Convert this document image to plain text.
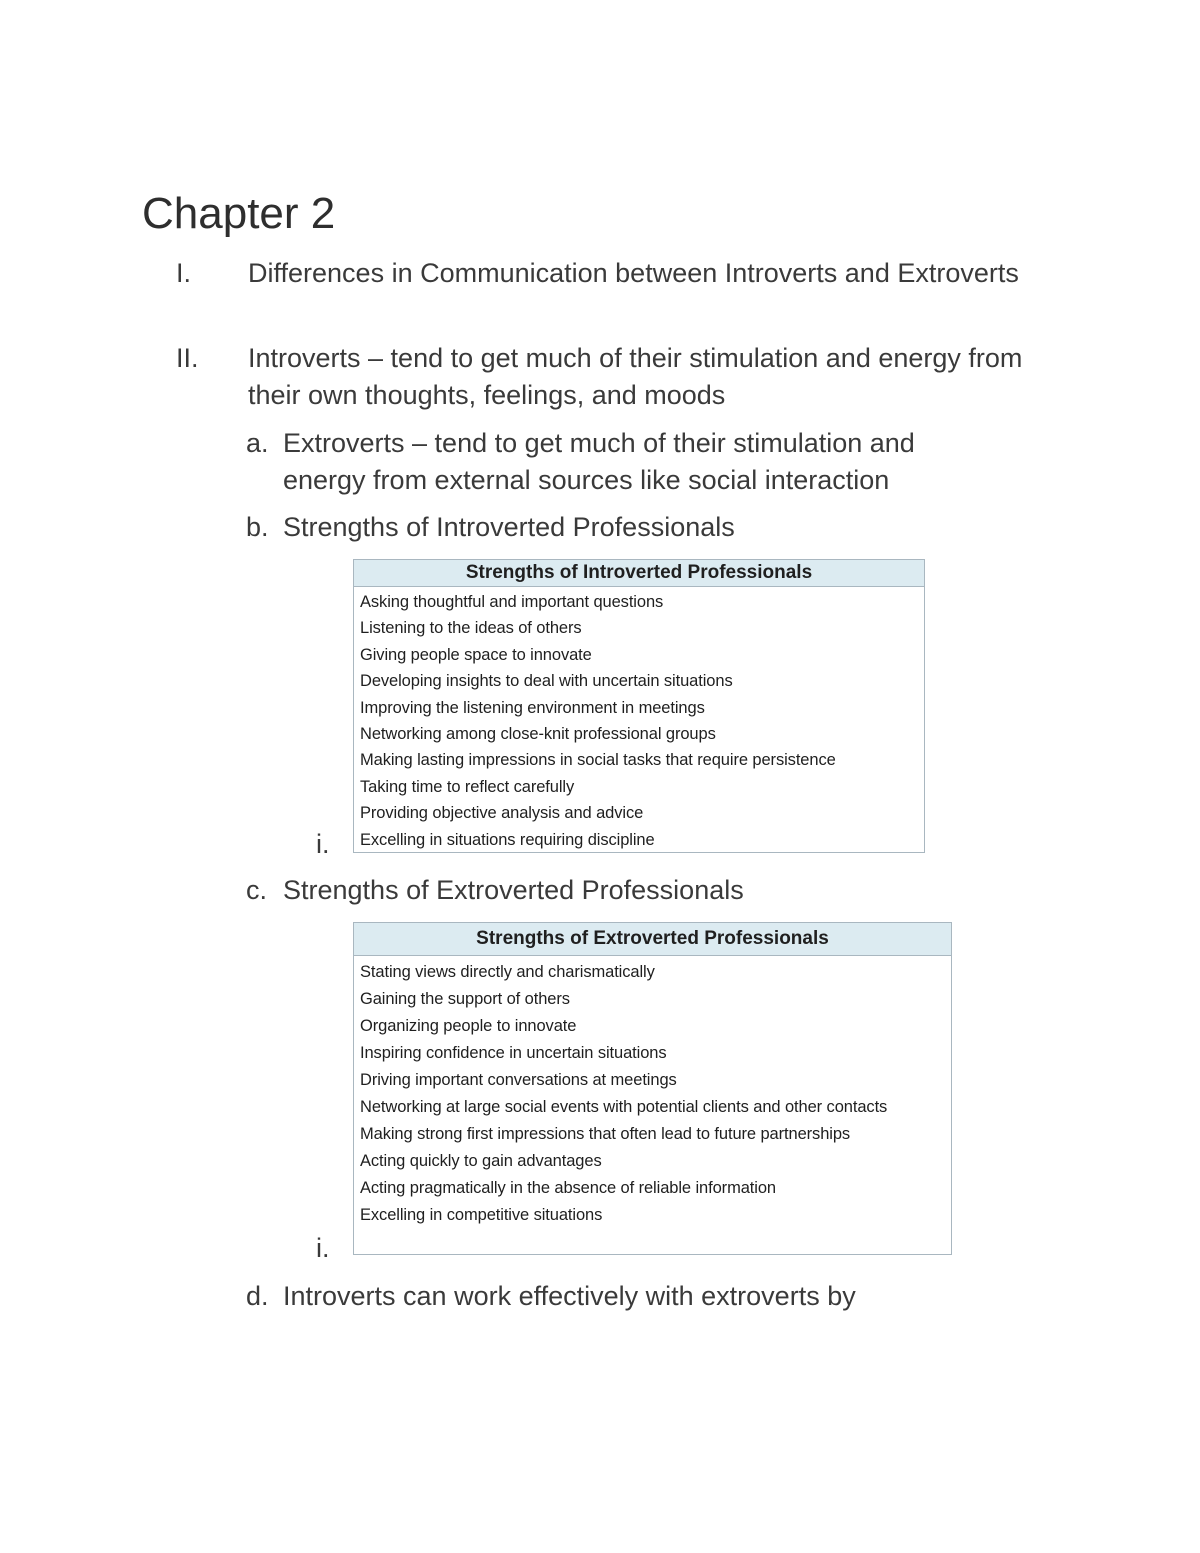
Chapter 2
I. Differences in Communication between Introverts and Extroverts
II. Introverts – tend to get much of their stimulation and energy from their own thoughts, feelings, and moods
a. Extroverts – tend to get much of their stimulation and energy from external sources like social interaction
b. Strengths of Introverted Professionals
i.
Strengths of Introverted Professionals
Asking thoughtful and important questions
Listening to the ideas of others
Giving people space to innovate
Developing insights to deal with uncertain situations
Improving the listening environment in meetings
Networking among close-knit professional groups
Making lasting impressions in social tasks that require persistence
Taking time to reflect carefully
Providing objective analysis and advice
Excelling in situations requiring discipline
c. Strengths of Extroverted Professionals
i.
Strengths of Extroverted Professionals
Stating views directly and charismatically
Gaining the support of others
Organizing people to innovate
Inspiring confidence in uncertain situations
Driving important conversations at meetings
Networking at large social events with potential clients and other contacts
Making strong first impressions that often lead to future partnerships
Acting quickly to gain advantages
Acting pragmatically in the absence of reliable information
Excelling in competitive situations
d. Introverts can work effectively with extroverts by
